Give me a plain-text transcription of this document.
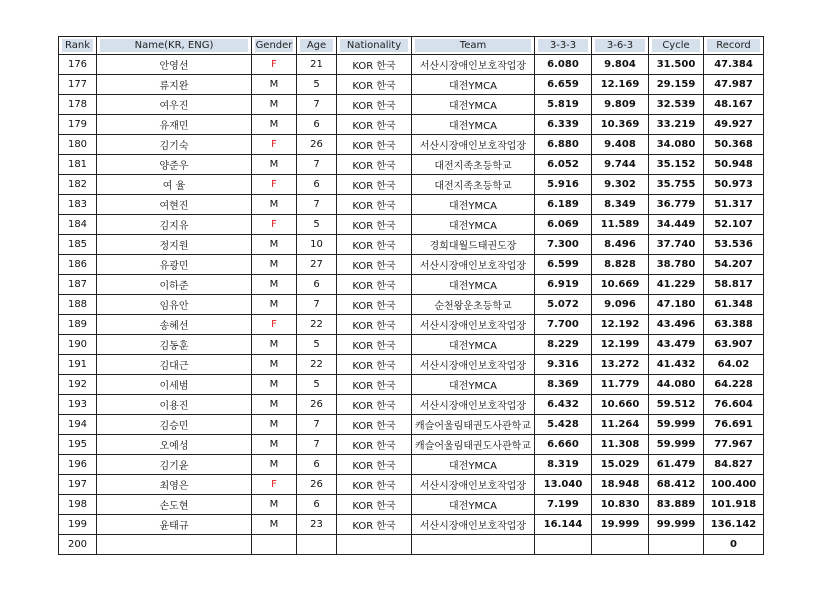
Rank	Name(KR, ENG)	Gender	Age	Nationality	Team	3-3-3	3-6-3	Cycle	Record

176	안영선	F	21	KOR 한국	서산시장애인보호작업장	6.080	9.804	31.500	47.384
177	류지완	M	5	KOR 한국	대전YMCA	6.659	12.169	29.159	47.987
178	여우진	M	7	KOR 한국	대전YMCA	5.819	9.809	32.539	48.167
179	유재민	M	6	KOR 한국	대전YMCA	6.339	10.369	33.219	49.927
180	김기숙	F	26	KOR 한국	서산시장애인보호작업장	6.880	9.408	34.080	50.368
181	양준우	M	7	KOR 한국	대전지족초등학교	6.052	9.744	35.152	50.948
182	여 율	F	6	KOR 한국	대전지족초등학교	5.916	9.302	35.755	50.973
183	여현진	M	7	KOR 한국	대전YMCA	6.189	8.349	36.779	51.317
184	김지유	F	5	KOR 한국	대전YMCA	6.069	11.589	34.449	52.107
185	정지원	M	10	KOR 한국	경희대월드태권도장	7.300	8.496	37.740	53.536
186	유광민	M	27	KOR 한국	서산시장애인보호작업장	6.599	8.828	38.780	54.207
187	이하준	M	6	KOR 한국	대전YMCA	6.919	10.669	41.229	58.817
188	임유안	M	7	KOR 한국	순천왕운초등학교	5.072	9.096	47.180	61.348
189	송혜선	F	22	KOR 한국	서산시장애인보호작업장	7.700	12.192	43.496	63.388
190	김동훈	M	5	KOR 한국	대전YMCA	8.229	12.199	43.479	63.907
191	김대근	M	22	KOR 한국	서산시장애인보호작업장	9.316	13.272	41.432	64.02
192	이세범	M	5	KOR 한국	대전YMCA	8.369	11.779	44.080	64.228
193	이용진	M	26	KOR 한국	서산시장애인보호작업장	6.432	10.660	59.512	76.604
194	김승민	M	7	KOR 한국	캐슬어울림태권도사관학교	5.428	11.264	59.999	76.691
195	오예성	M	7	KOR 한국	캐슬어울림태권도사관학교	6.660	11.308	59.999	77.967
196	김기윤	M	6	KOR 한국	대전YMCA	8.319	15.029	61.479	84.827
197	최영은	F	26	KOR 한국	서산시장애인보호작업장	13.040	18.948	68.412	100.400
198	손도현	M	6	KOR 한국	대전YMCA	7.199	10.830	83.889	101.918
199	윤태규	M	23	KOR 한국	서산시장애인보호작업장	16.144	19.999	99.999	136.142
200									0
